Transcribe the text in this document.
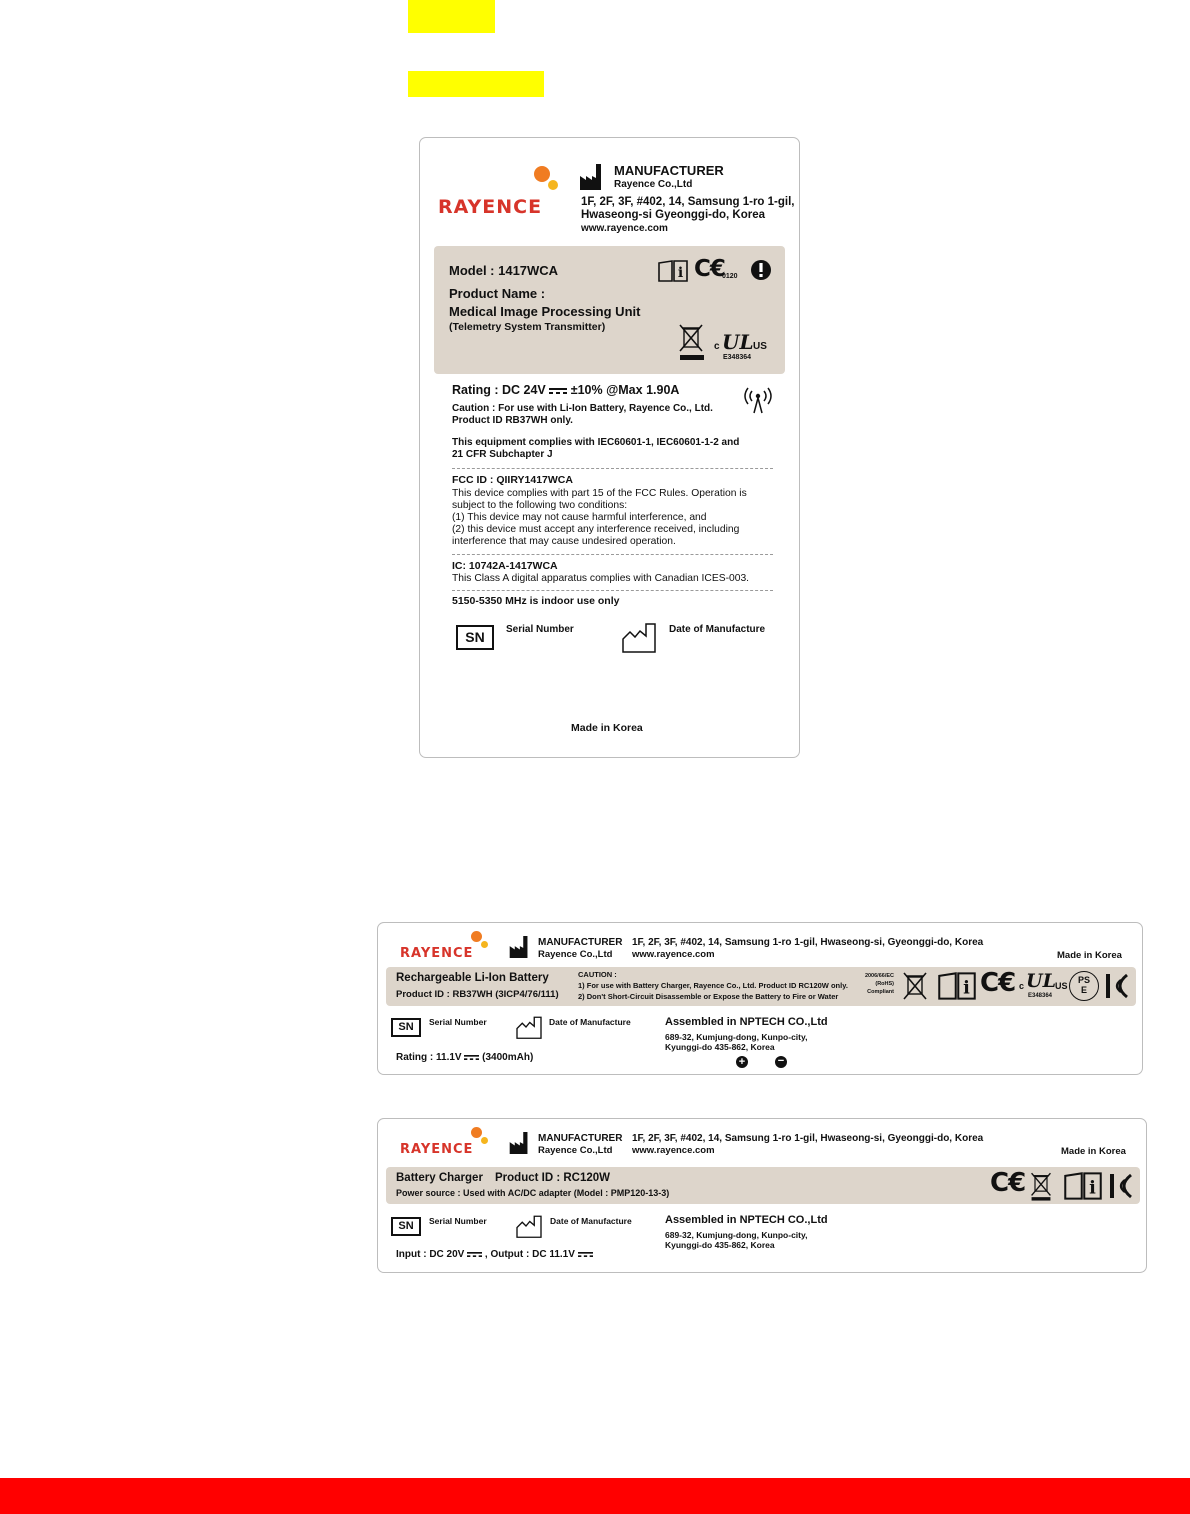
RAYENCE
MANUFACTURER
Rayence Co.,Ltd
1F, 2F, 3F, #402, 14, Samsung 1-ro 1-gil,
Hwaseong-si Gyeonggi-do, Korea
www.rayence.com
Model : 1417WCA
Product Name :
Medical Image Processing Unit
(Telemetry System Transmitter)
i C€
0120
c UL US
E348364
Rating : DC 24V ±10% @Max 1.90A
Caution : For use with Li-Ion Battery, Rayence Co., Ltd.
Product ID RB37WH only.
This equipment complies with IEC60601-1, IEC60601-1-2 and
21 CFR Subchapter J
FCC ID : QIIRY1417WCA
This device complies with part 15 of the FCC Rules. Operation is
subject to the following two conditions:
(1) This device may not cause harmful interference, and
(2) this device must accept any interference received, including
interference that may cause undesired operation.
IC: 10742A-1417WCA
This Class A digital apparatus complies with Canadian ICES-003.
5150-5350 MHz is indoor use only
SN	Serial Number	Date of Manufacture
Made in Korea
RAYENCE
MANUFACTURER
Rayence Co.,Ltd
1F, 2F, 3F, #402, 14, Samsung 1-ro 1-gil, Hwaseong-si, Gyeonggi-do, Korea
www.rayence.com	Made in Korea
Rechargeable Li-Ion Battery
Product ID : RB37WH (3ICP4/76/111)
CAUTION :
1) For use with Battery Charger, Rayence Co., Ltd. Product ID RC120W only.
2) Don't Short-Circuit Disassemble or Expose the Battery to Fire or Water
2006/66/EC
(RoHS)
Compliant	i C€ c UL US
E348364
PS
E
SN	Serial Number	Date of Manufacture	Assembled in NPTECH CO.,Ltd
689-32, Kumjung-dong, Kunpo-city,
Kyunggi-do 435-862, Korea
Rating : 11.1V (3400mAh)	+	−
RAYENCE
MANUFACTURER
Rayence Co.,Ltd
1F, 2F, 3F, #402, 14, Samsung 1-ro 1-gil, Hwaseong-si, Gyeonggi-do, Korea
www.rayence.com	Made in Korea
Battery Charger Product ID : RC120W
Power source : Used with AC/DC adapter (Model : PMP120-13-3)	C€	i
SN	Serial Number	Date of Manufacture	Assembled in NPTECH CO.,Ltd
689-32, Kumjung-dong, Kunpo-city,
Kyunggi-do 435-862, Korea
Input : DC 20V , Output : DC 11.1V
